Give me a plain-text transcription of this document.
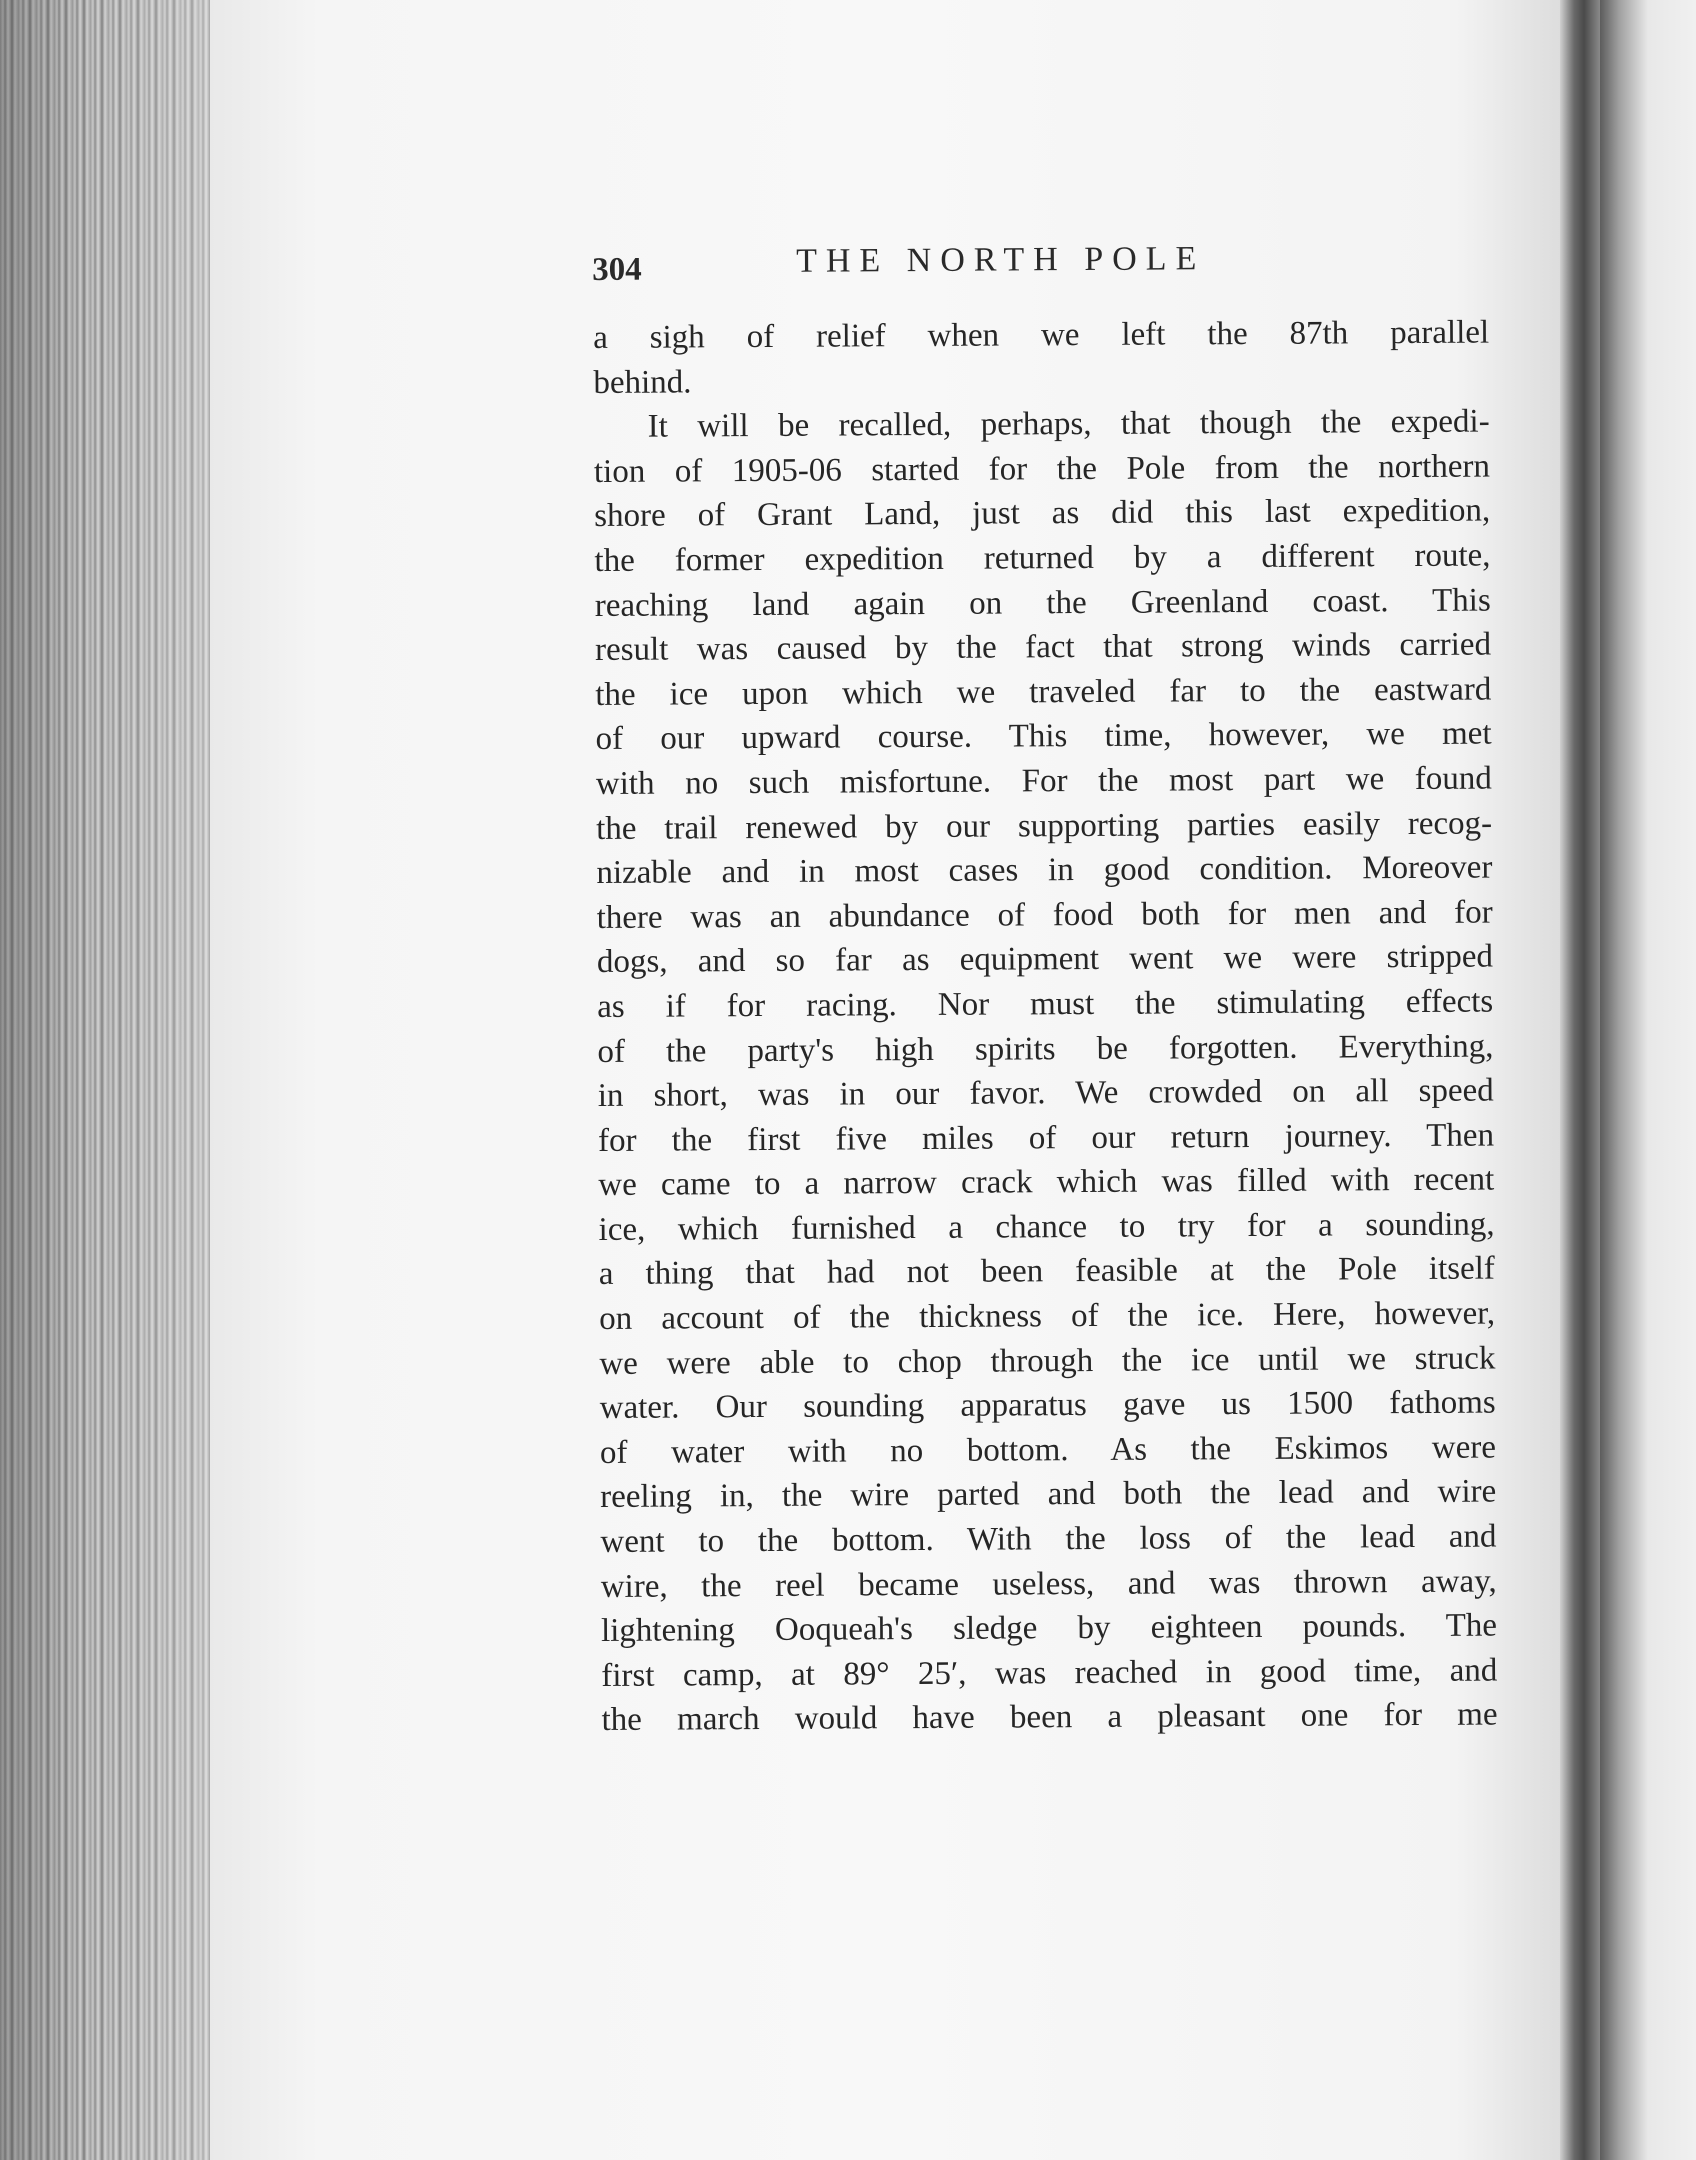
304	THE NORTH POLE
a sigh of relief when we left the 87th parallel
behind.
It will be recalled, perhaps, that though the expedi-
tion of 1905-06 started for the Pole from the northern
shore of Grant Land, just as did this last expedition,
the former expedition returned by a different route,
reaching land again on the Greenland coast. This
result was caused by the fact that strong winds carried
the ice upon which we traveled far to the eastward
of our upward course. This time, however, we met
with no such misfortune. For the most part we found
the trail renewed by our supporting parties easily recog-
nizable and in most cases in good condition. Moreover
there was an abundance of food both for men and for
dogs, and so far as equipment went we were stripped
as if for racing. Nor must the stimulating effects
of the party's high spirits be forgotten. Everything,
in short, was in our favor. We crowded on all speed
for the first five miles of our return journey. Then
we came to a narrow crack which was filled with recent
ice, which furnished a chance to try for a sounding,
a thing that had not been feasible at the Pole itself
on account of the thickness of the ice. Here, however,
we were able to chop through the ice until we struck
water. Our sounding apparatus gave us 1500 fathoms
of water with no bottom. As the Eskimos were
reeling in, the wire parted and both the lead and wire
went to the bottom. With the loss of the lead and
wire, the reel became useless, and was thrown away,
lightening Ooqueah's sledge by eighteen pounds. The
first camp, at 89° 25′, was reached in good time, and
the march would have been a pleasant one for me
